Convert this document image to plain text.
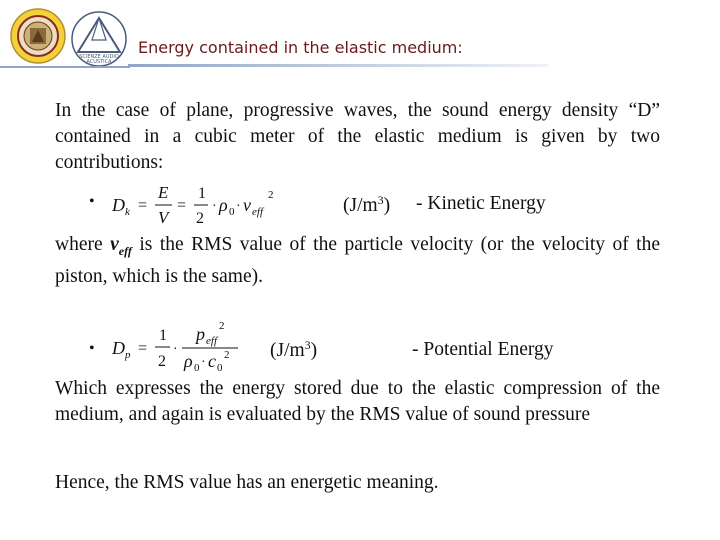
SCIENZE AUDIO
ACUSTICA
Energy contained in the elastic medium:
In the case of plane, progressive waves, the sound energy density “D” contained in a cubic meter of the elastic medium is given by two contributions:
• D k =
E
V
=
1
2
· ρ 0 · v eff
2	$(J/m^3)$ - Kinetic Energy
where $v_{eff}$ is the RMS value of the particle velocity (or the velocity of the piston, which is the same).
• D p =
1
2
·
p eff
2
ρ 0 · c 0
2 $(J/m^3)$	- Potential Energy
Which expresses the energy stored due to the elastic compression of the medium, and again is evaluated by the RMS value of sound pressure
Hence, the RMS value has an energetic meaning.
